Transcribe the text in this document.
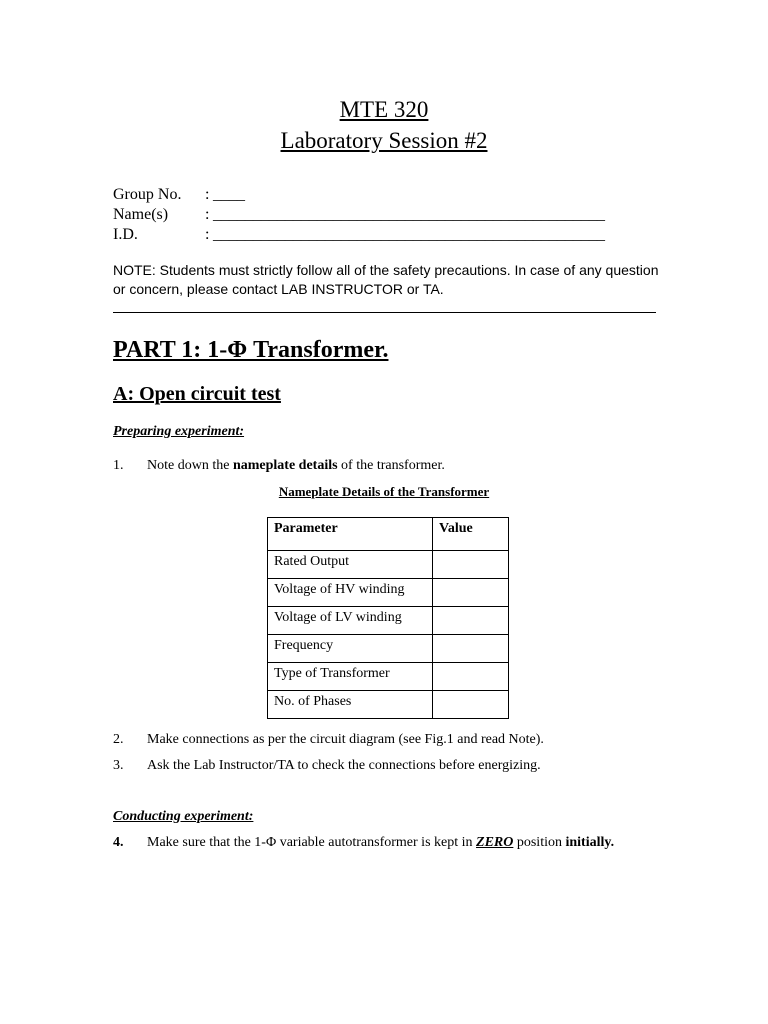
MTE 320
Laboratory Session #2
Group No. : ____
Name(s) : _________________________________________________
I.D.	: _________________________________________________
NOTE: Students must strictly follow all of the safety precautions. In case of any question or concern, please contact LAB INSTRUCTOR or TA.
PART 1: 1-Φ Transformer.
A: Open circuit test
Preparing experiment:
1. Note down the nameplate details of the transformer.
Nameplate Details of the Transformer
Parameter	Value
Rated Output	
Voltage of HV winding	
Voltage of LV winding	
Frequency	
Type of Transformer	
No. of Phases	
2. Make connections as per the circuit diagram (see Fig.1 and read Note).
3. Ask the Lab Instructor/TA to check the connections before energizing.
Conducting experiment:
4. Make sure that the 1-Φ variable autotransformer is kept in ZERO position initially.
